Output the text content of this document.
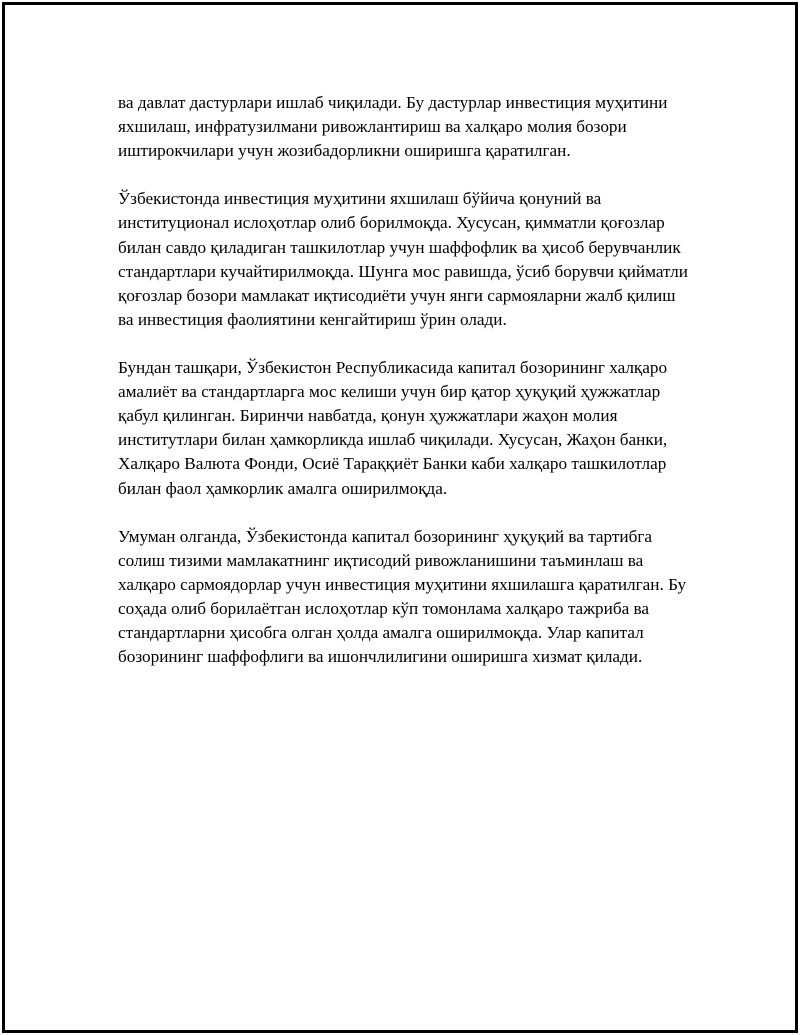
ва давлат дастурлари ишлаб чиқилади. Бу дастурлар инвестиция муҳитини яхшилаш, инфратузилмани ривожлантириш ва халқаро молия бозори иштирокчилари учун жозибадорликни оширишга қаратилган.

Ўзбекистонда инвестиция муҳитини яхшилаш бўйича қонуний ва институционал ислоҳотлар олиб борилмоқда. Хусусан, қимматли қоғозлар билан савдо қиладиган ташкилотлар учун шаффофлик ва ҳисоб берувчанлик стандартлари кучайтирилмоқда. Шунга мос равишда, ўсиб борувчи қийматли қоғозлар бозори мамлакат иқтисодиёти учун янги сармояларни жалб қилиш ва инвестиция фаолиятини кенгайтириш ўрин олади.

Бундан ташқари, Ўзбекистон Республикасида капитал бозорининг халқаро амалиёт ва стандартларга мос келиши учун бир қатор ҳуқуқий ҳужжатлар қабул қилинган. Биринчи навбатда, қонун ҳужжатлари жаҳон молия институтлари билан ҳамкорликда ишлаб чиқилади. Хусусан, Жаҳон банки, Халқаро Валюта Фонди, Осиё Тараққиёт Банки каби халқаро ташкилотлар билан фаол ҳамкорлик амалга оширилмоқда.

Умуман олганда, Ўзбекистонда капитал бозорининг ҳуқуқий ва тартибга солиш тизими мамлакатнинг иқтисодий ривожланишини таъминлаш ва халқаро сармоядорлар учун инвестиция муҳитини яхшилашга қаратилган. Бу соҳада олиб борилаётган ислоҳотлар кўп томонлама халқаро тажриба ва стандартларни ҳисобга олган ҳолда амалга оширилмоқда. Улар капитал бозорининг шаффофлиги ва ишончлилигини оширишга хизмат қилади.
